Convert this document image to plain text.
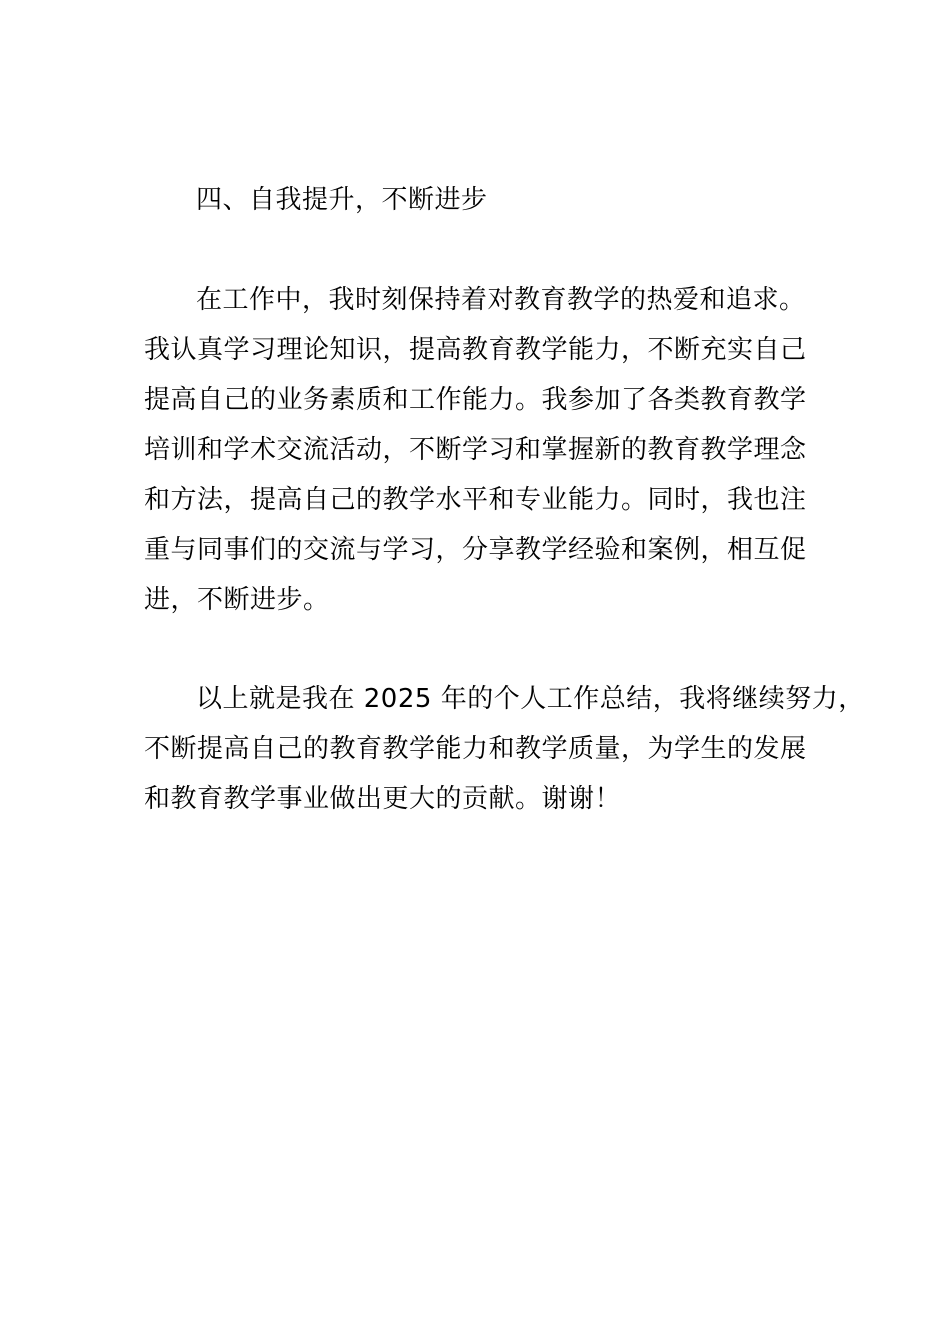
四、自我提升，不断进步
在工作中，我时刻保持着对教育教学的热爱和追求。
我认真学习理论知识，提高教育教学能力，不断充实自己
提高自己的业务素质和工作能力。我参加了各类教育教学
培训和学术交流活动，不断学习和掌握新的教育教学理念
和方法，提高自己的教学水平和专业能力。同时，我也注
重与同事们的交流与学习，分享教学经验和案例，相互促
进，不断进步。
以上就是我在 2025 年的个人工作总结，我将继续努力，
不断提高自己的教育教学能力和教学质量，为学生的发展
和教育教学事业做出更大的贡献。谢谢！
